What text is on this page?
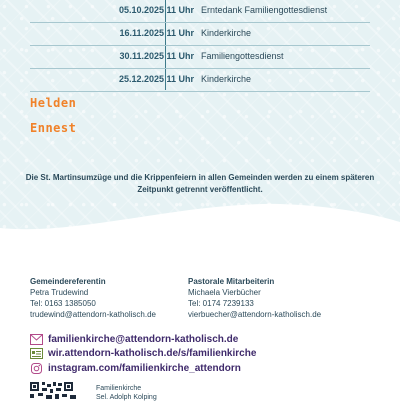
05.10.2025 11 Uhr Erntedank Familiengottesdienst
16.11.2025 11 Uhr Kinderkirche
30.11.2025 11 Uhr Familiengottesdienst
25.12.2025 11 Uhr Kinderkirche
Helden
Ennest
Die St. Martinsumzüge und die Krippenfeiern in allen Gemeinden werden zu einem späteren Zeitpunkt getrennt veröffentlicht.
Gemeindereferentin
Petra Trudewind
Tel: 0163 1385050
trudewind@attendorn-katholisch.de
Pastorale Mitarbeiterin
Michaela Vierbücher
Tel: 0174 7239133
vierbuecher@attendorn-katholisch.de
familienkirche@attendorn-katholisch.de
wir.attendorn-katholisch.de/s/familienkirche
instagram.com/familienkirche_attendorn
Familienkirche
Sel. Adolph Kolping
